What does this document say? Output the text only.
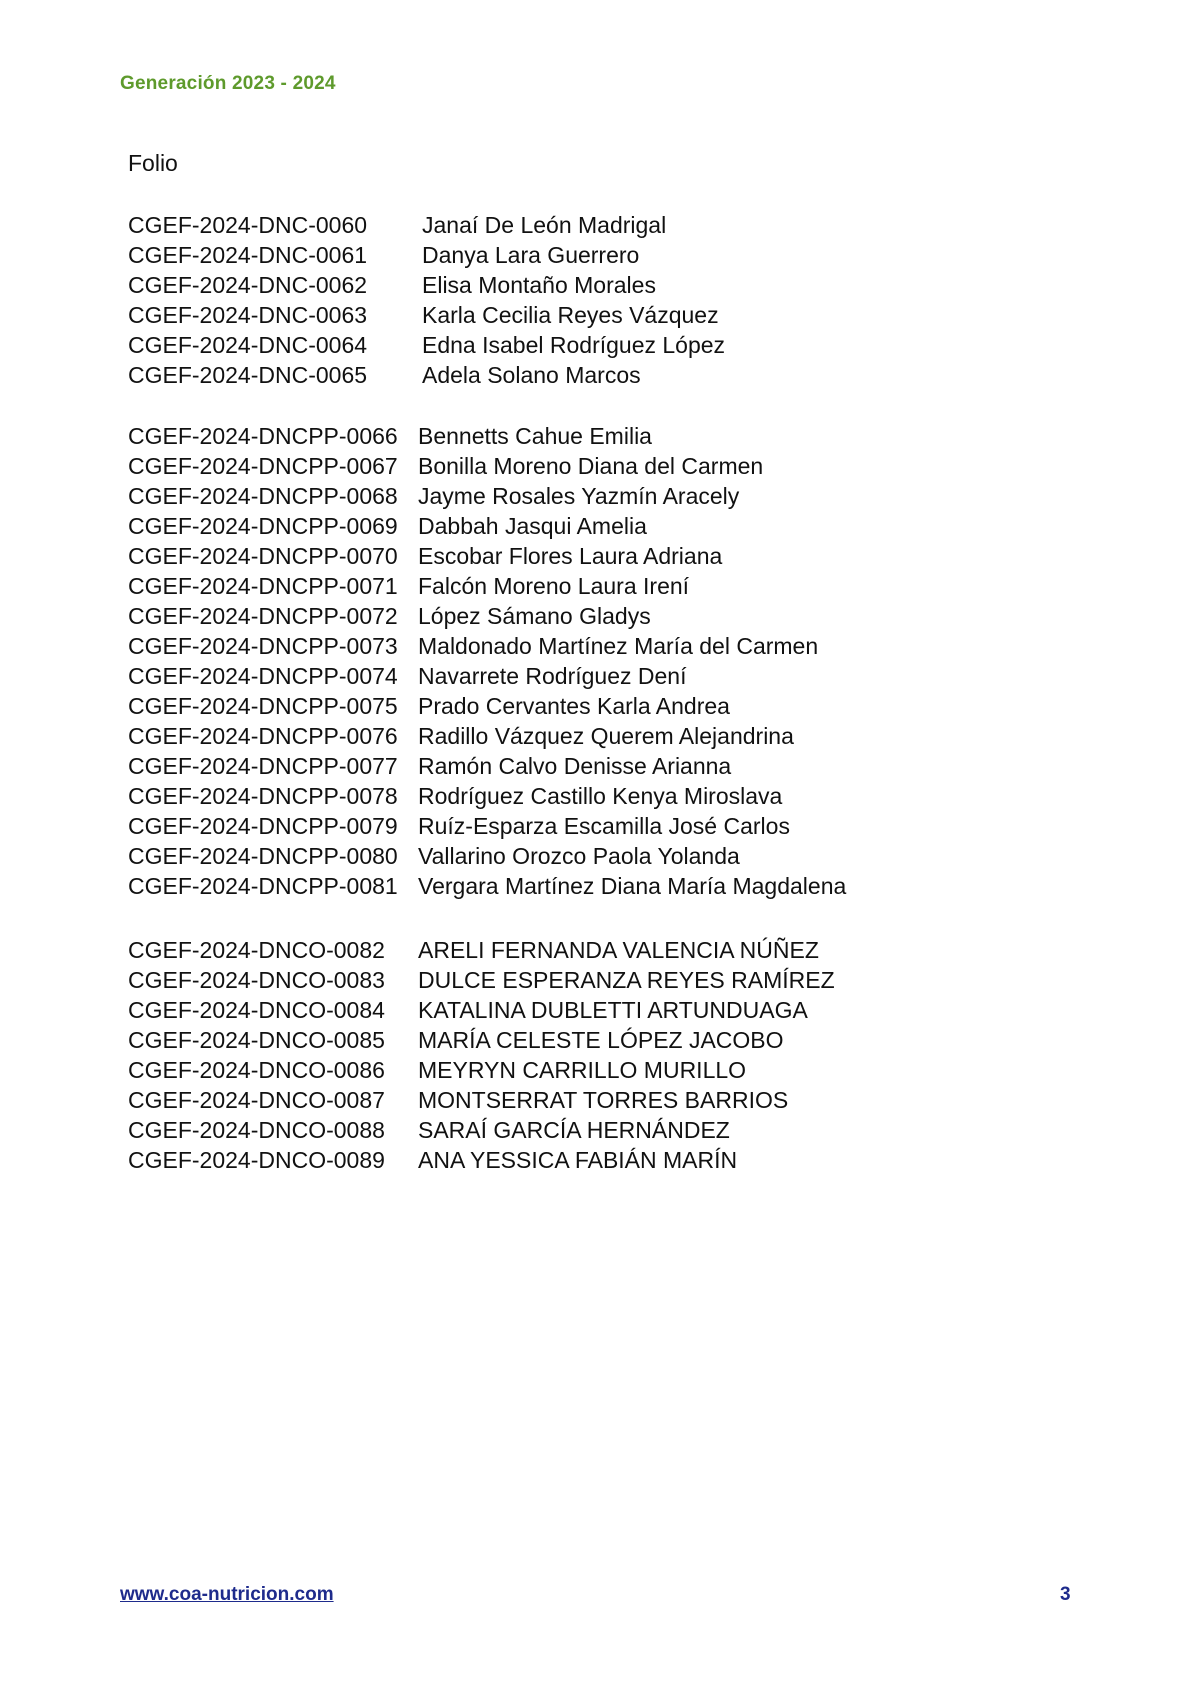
Generación 2023 - 2024
Folio
CGEF-2024-DNC-0060	Janaí De León Madrigal
CGEF-2024-DNC-0061	Danya Lara Guerrero
CGEF-2024-DNC-0062	Elisa Montaño Morales
CGEF-2024-DNC-0063	Karla Cecilia Reyes Vázquez
CGEF-2024-DNC-0064	Edna Isabel Rodríguez López
CGEF-2024-DNC-0065	Adela Solano Marcos
CGEF-2024-DNCPP-0066 Bennetts Cahue Emilia
CGEF-2024-DNCPP-0067 Bonilla Moreno Diana del Carmen
CGEF-2024-DNCPP-0068 Jayme Rosales Yazmín Aracely
CGEF-2024-DNCPP-0069 Dabbah Jasqui Amelia
CGEF-2024-DNCPP-0070 Escobar Flores Laura Adriana
CGEF-2024-DNCPP-0071 Falcón Moreno Laura Irení
CGEF-2024-DNCPP-0072 López Sámano Gladys
CGEF-2024-DNCPP-0073 Maldonado Martínez María del Carmen
CGEF-2024-DNCPP-0074 Navarrete Rodríguez Dení
CGEF-2024-DNCPP-0075 Prado Cervantes Karla Andrea
CGEF-2024-DNCPP-0076 Radillo Vázquez Querem Alejandrina
CGEF-2024-DNCPP-0077 Ramón Calvo Denisse Arianna
CGEF-2024-DNCPP-0078 Rodríguez Castillo Kenya Miroslava
CGEF-2024-DNCPP-0079 Ruíz-Esparza Escamilla José Carlos
CGEF-2024-DNCPP-0080 Vallarino Orozco Paola Yolanda
CGEF-2024-DNCPP-0081 Vergara Martínez Diana María Magdalena
CGEF-2024-DNCO-0082	ARELI FERNANDA VALENCIA NÚÑEZ
CGEF-2024-DNCO-0083	DULCE ESPERANZA REYES RAMÍREZ
CGEF-2024-DNCO-0084	KATALINA DUBLETTI ARTUNDUAGA
CGEF-2024-DNCO-0085	MARÍA CELESTE LÓPEZ JACOBO
CGEF-2024-DNCO-0086	MEYRYN CARRILLO MURILLO
CGEF-2024-DNCO-0087	MONTSERRAT TORRES BARRIOS
CGEF-2024-DNCO-0088	SARAÍ GARCÍA HERNÁNDEZ
CGEF-2024-DNCO-0089	ANA YESSICA FABIÁN MARÍN
www.coa-nutricion.com	3
